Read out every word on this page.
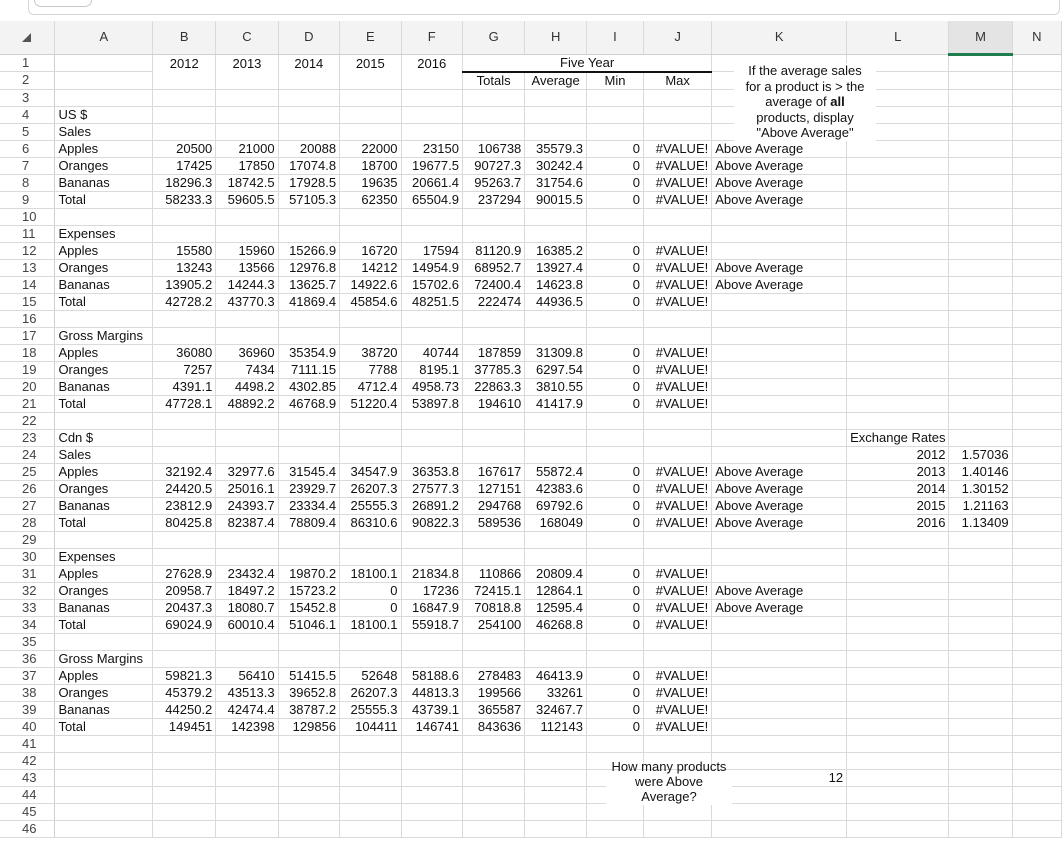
	A	B	C	D	E	F	G	H	I	J	K	L	M	N
1		2012	2013	2014	2015	2016	Five Year							
2							Totals	Average	Min	Max				
3														
4	US $													
5	Sales													
6	Apples	20500	21000	20088	22000	23150	106738	35579.3	0	#VALUE!	Above Average			
7	Oranges	17425	17850	17074.8	18700	19677.5	90727.3	30242.4	0	#VALUE!	Above Average			
8	Bananas	18296.3	18742.5	17928.5	19635	20661.4	95263.7	31754.6	0	#VALUE!	Above Average			
9	Total	58233.3	59605.5	57105.3	62350	65504.9	237294	90015.5	0	#VALUE!	Above Average			
10														
11	Expenses													
12	Apples	15580	15960	15266.9	16720	17594	81120.9	16385.2	0	#VALUE!				
13	Oranges	13243	13566	12976.8	14212	14954.9	68952.7	13927.4	0	#VALUE!	Above Average			
14	Bananas	13905.2	14244.3	13625.7	14922.6	15702.6	72400.4	14623.8	0	#VALUE!	Above Average			
15	Total	42728.2	43770.3	41869.4	45854.6	48251.5	222474	44936.5	0	#VALUE!				
16														
17	Gross Margins													
18	Apples	36080	36960	35354.9	38720	40744	187859	31309.8	0	#VALUE!				
19	Oranges	7257	7434	7111.15	7788	8195.1	37785.3	6297.54	0	#VALUE!				
20	Bananas	4391.1	4498.2	4302.85	4712.4	4958.73	22863.3	3810.55	0	#VALUE!				
21	Total	47728.1	48892.2	46768.9	51220.4	53897.8	194610	41417.9	0	#VALUE!				
22														
23	Cdn $											Exchange Rates		
24	Sales											2012	1.57036	
25	Apples	32192.4	32977.6	31545.4	34547.9	36353.8	167617	55872.4	0	#VALUE!	Above Average	2013	1.40146	
26	Oranges	24420.5	25016.1	23929.7	26207.3	27577.3	127151	42383.6	0	#VALUE!	Above Average	2014	1.30152	
27	Bananas	23812.9	24393.7	23334.4	25555.3	26891.2	294768	69792.6	0	#VALUE!	Above Average	2015	1.21163	
28	Total	80425.8	82387.4	78809.4	86310.6	90822.3	589536	168049	0	#VALUE!	Above Average	2016	1.13409	
29														
30	Expenses													
31	Apples	27628.9	23432.4	19870.2	18100.1	21834.8	110866	20809.4	0	#VALUE!				
32	Oranges	20958.7	18497.2	15723.2	0	17236	72415.1	12864.1	0	#VALUE!	Above Average			
33	Bananas	20437.3	18080.7	15452.8	0	16847.9	70818.8	12595.4	0	#VALUE!	Above Average			
34	Total	69024.9	60010.4	51046.1	18100.1	55918.7	254100	46268.8	0	#VALUE!				
35														
36	Gross Margins													
37	Apples	59821.3	56410	51415.5	52648	58188.6	278483	46413.9	0	#VALUE!				
38	Oranges	45379.2	43513.3	39652.8	26207.3	44813.3	199566	33261	0	#VALUE!				
39	Bananas	44250.2	42474.4	38787.2	25555.3	43739.1	365587	32467.7	0	#VALUE!				
40	Total	149451	142398	129856	104411	146741	843636	112143	0	#VALUE!				
41														
42														
43											12			
44														
45														
46														
If the average sales
for a product is > the
average of all
products, display
"Above Average"
How many products
were Above
Average?
